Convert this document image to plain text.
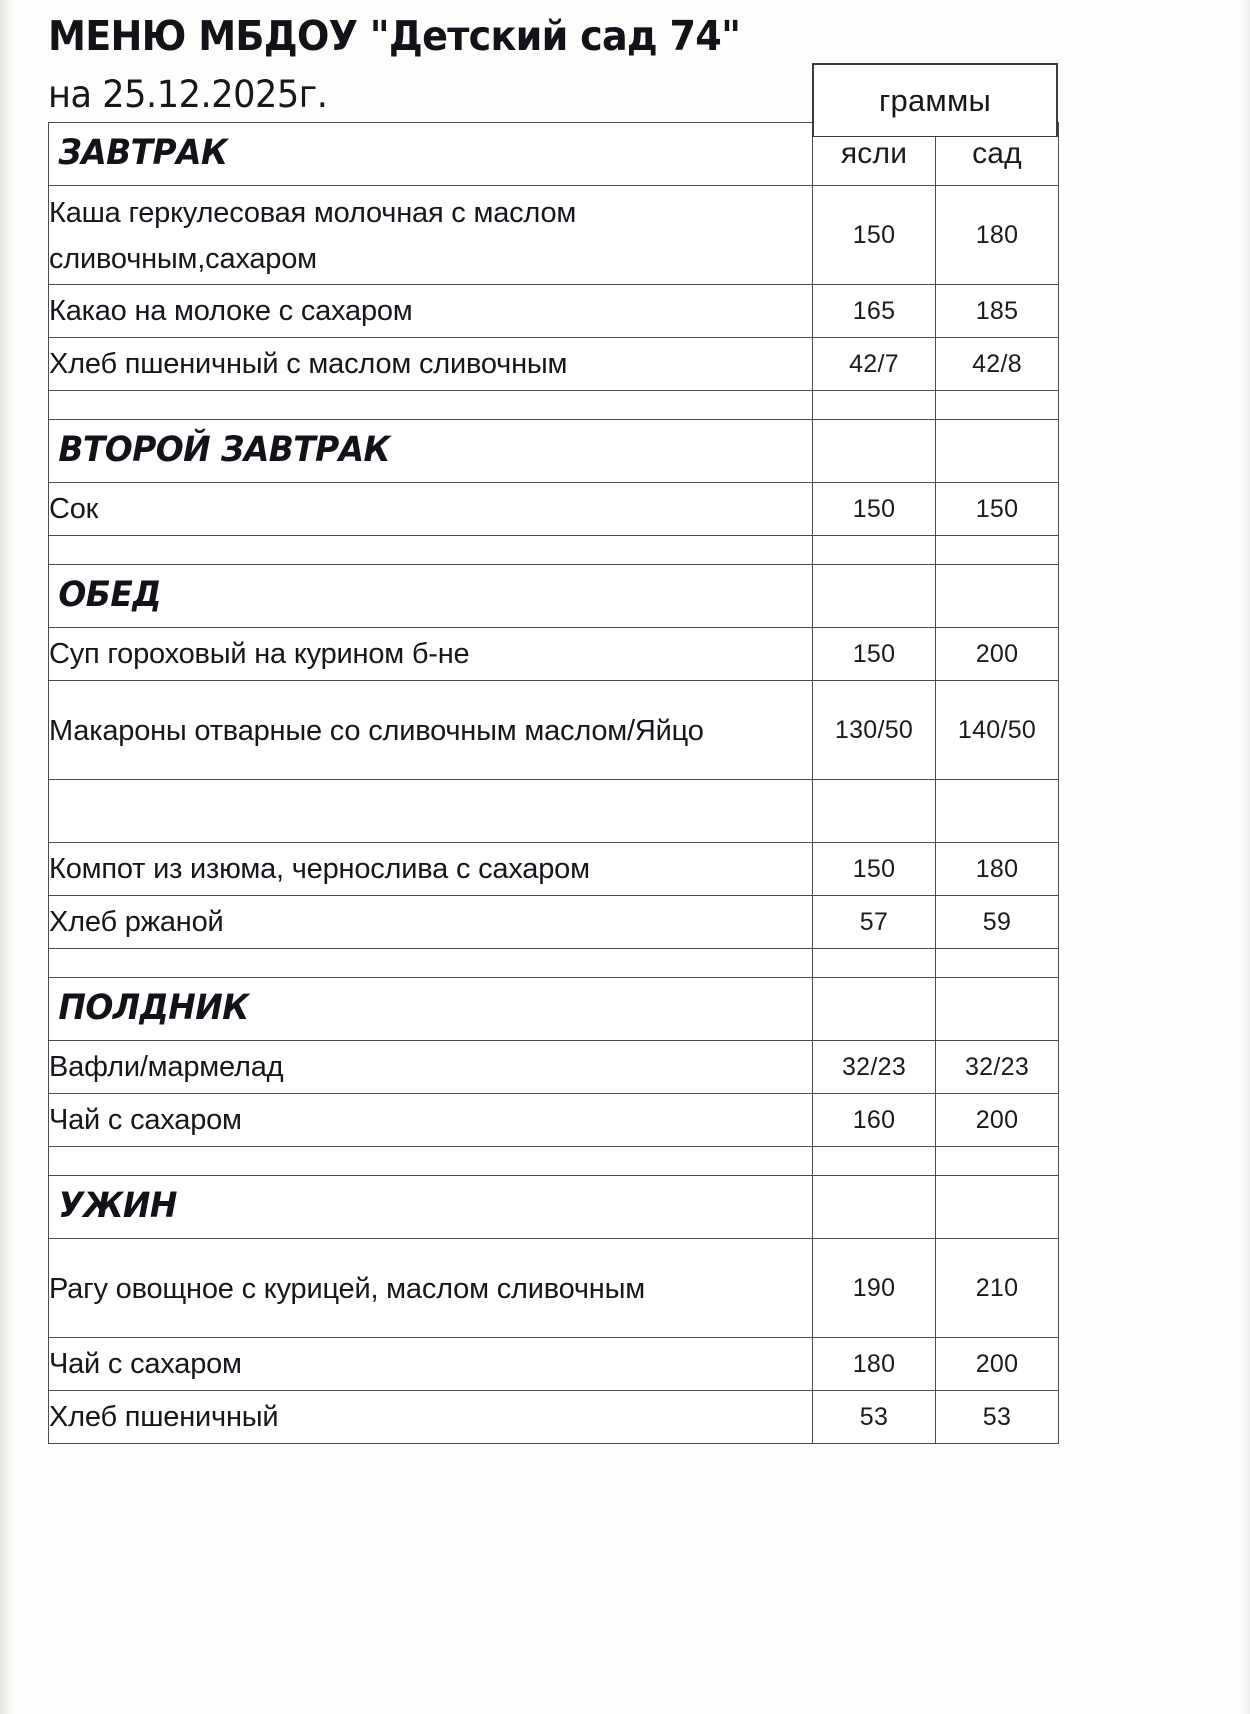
МЕНЮ МБДОУ "Детский сад 74"
на 25.12.2025г.	граммы
ЗАВТРАК	ясли	сад
Каша геркулесовая молочная с маслом сливочным,сахаром	150	180
Какао на молоке с сахаром	165	185
Хлеб пшеничный с маслом сливочным	42/7	42/8

ВТОРОЙ ЗАВТРАК		

Сок	150	150

ОБЕД		

Суп гороховый на курином б-не	150	200
Макароны отварные со сливочным маслом/Яйцо	130/50	140/50

Компот из изюма, чернослива с сахаром	150	180
Хлеб ржаной	57	59

ПОЛДНИК		

Вафли/мармелад	32/23	32/23
Чай с сахаром	160	200

УЖИН		

Рагу овощное с курицей, маслом сливочным	190	210
Чай с сахаром	180	200
Хлеб пшеничный	53	53
